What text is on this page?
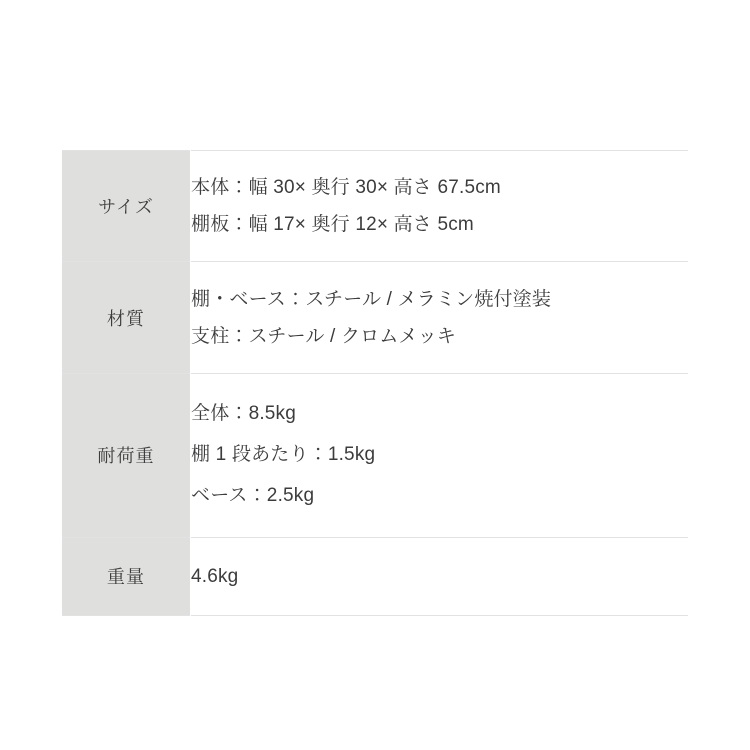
サイズ	本体：幅 30× 奥行 30× 高さ 67.5cm
棚板：幅 17× 奥行 12× 高さ 5cm

材質	棚・ベース：スチール / メラミン焼付塗装
支柱：スチール / クロムメッキ

耐荷重	全体：8.5kg
棚 1 段あたり：1.5kg
ベース：2.5kg

重量	4.6kg
